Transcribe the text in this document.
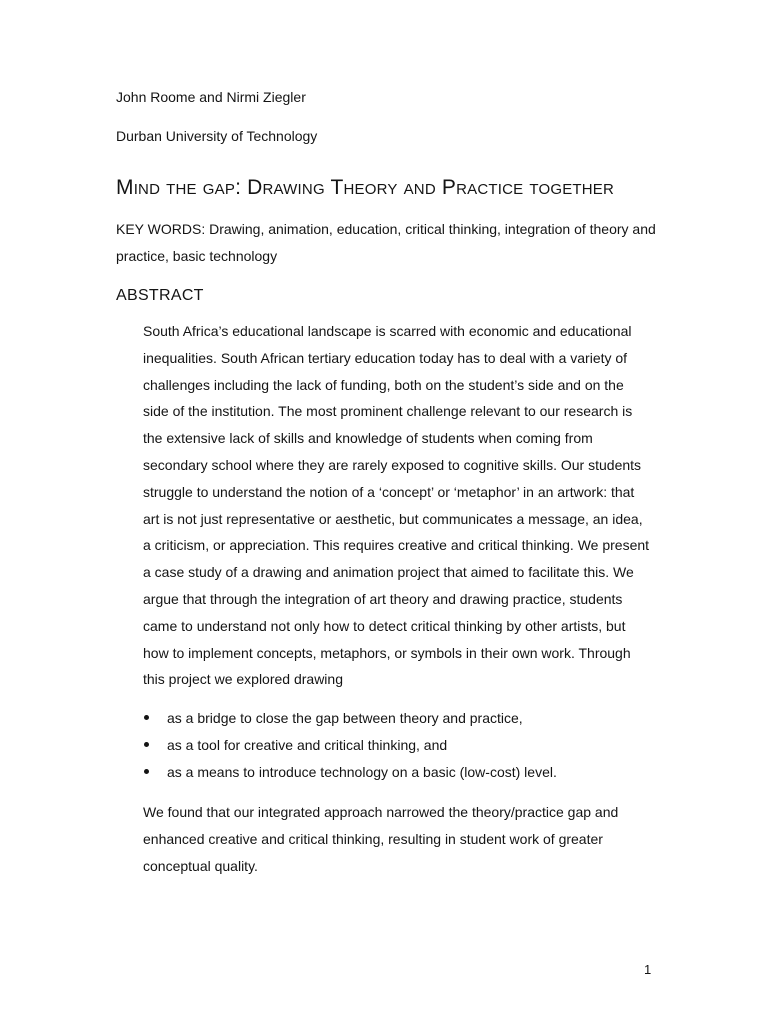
John Roome and Nirmi Ziegler
Durban University of Technology
Mind the gap: Drawing Theory and Practice together
KEY WORDS: Drawing, animation, education, critical thinking, integration of theory and practice, basic technology
ABSTRACT
South Africa’s educational landscape is scarred with economic and educational inequalities. South African tertiary education today has to deal with a variety of challenges including the lack of funding, both on the student’s side and on the side of the institution. The most prominent challenge relevant to our research is the extensive lack of skills and knowledge of students when coming from secondary school where they are rarely exposed to cognitive skills. Our students struggle to understand the notion of a ‘concept’ or ‘metaphor’ in an artwork: that art is not just representative or aesthetic, but communicates a message, an idea, a criticism, or appreciation. This requires creative and critical thinking. We present a case study of a drawing and animation project that aimed to facilitate this. We argue that through the integration of art theory and drawing practice, students came to understand not only how to detect critical thinking by other artists, but how to implement concepts, metaphors, or symbols in their own work. Through this project we explored drawing
as a bridge to close the gap between theory and practice,
as a tool for creative and critical thinking, and
as a means to introduce technology on a basic (low-cost) level.
We found that our integrated approach narrowed the theory/practice gap and enhanced creative and critical thinking, resulting in student work of greater conceptual quality.
1
